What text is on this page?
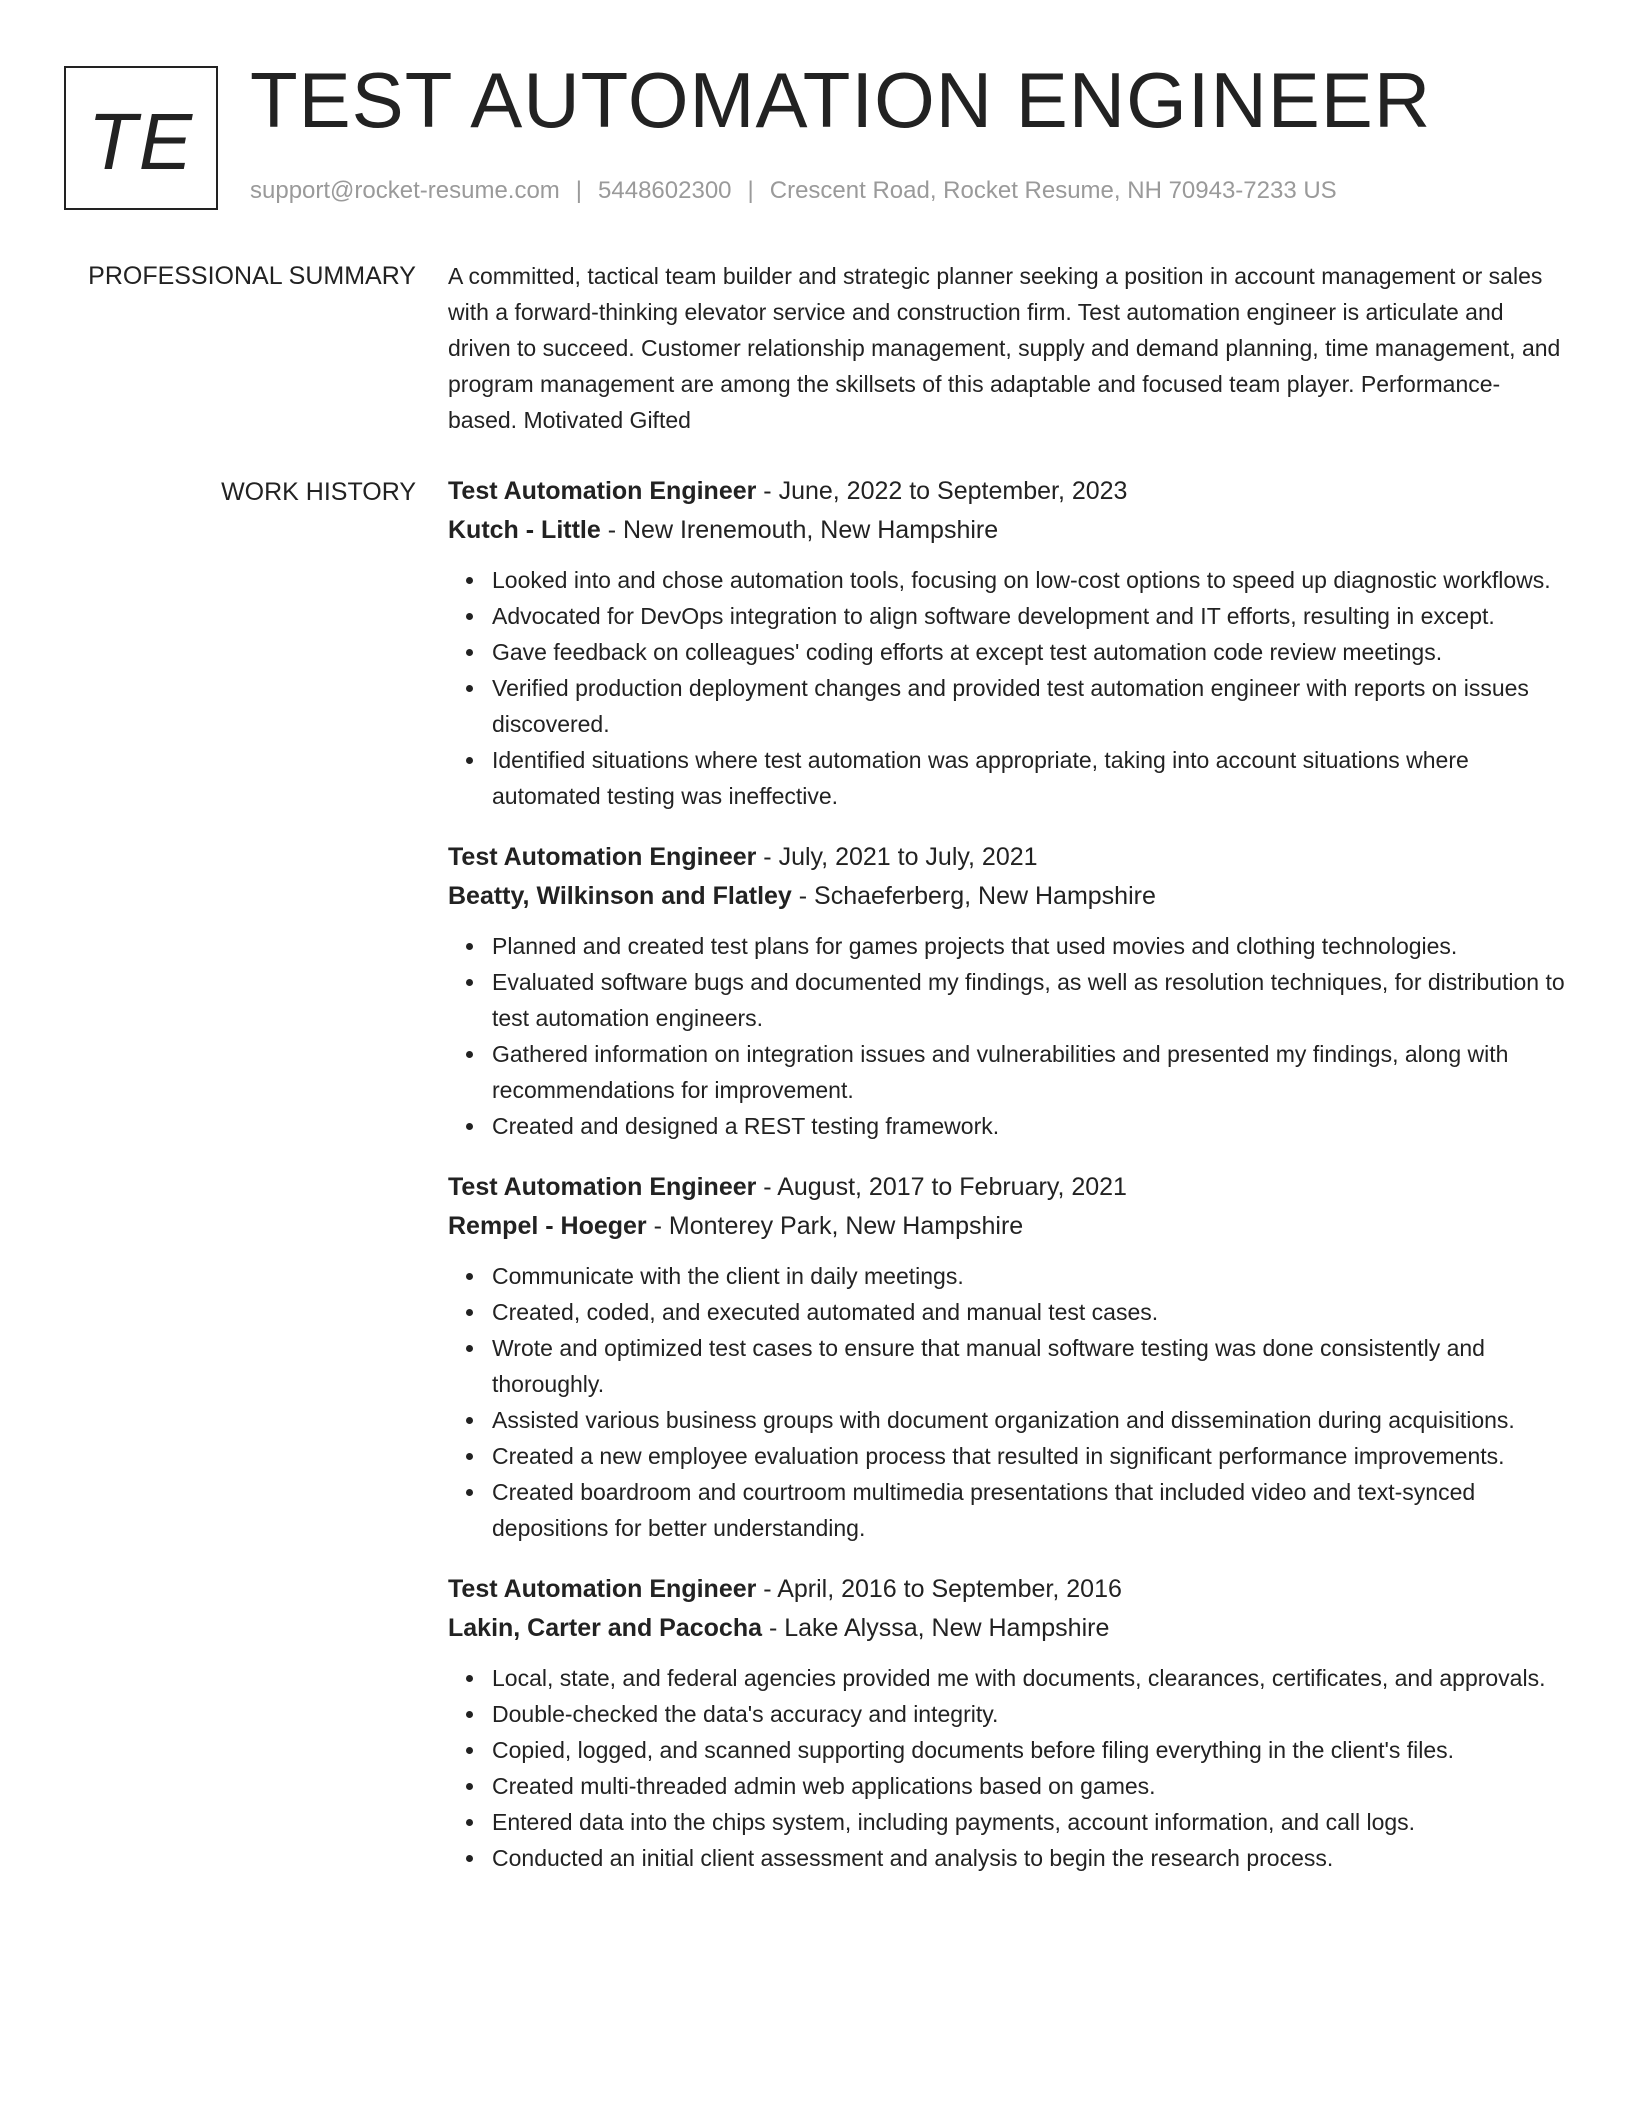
TE TEST AUTOMATION ENGINEER
support@rocket-resume.com | 5448602300 | Crescent Road, Rocket Resume, NH 70943-7233 US
PROFESSIONAL SUMMARY A committed, tactical team builder and strategic planner seeking a position in account management or sales with a forward-thinking elevator service and construction firm. Test automation engineer is articulate and driven to succeed. Customer relationship management, supply and demand planning, time management, and program management are among the skillsets of this adaptable and focused team player. Performance-based. Motivated Gifted

WORK HISTORY Test Automation Engineer - June, 2022 to September, 2023
Kutch - Little - New Irenemouth, New Hampshire
Looked into and chose automation tools, focusing on low-cost options to speed up diagnostic workflows.
Advocated for DevOps integration to align software development and IT efforts, resulting in except.
Gave feedback on colleagues' coding efforts at except test automation code review meetings.
Verified production deployment changes and provided test automation engineer with reports on issues discovered.
Identified situations where test automation was appropriate, taking into account situations where automated testing was ineffective.
Test Automation Engineer - July, 2021 to July, 2021
Beatty, Wilkinson and Flatley - Schaeferberg, New Hampshire
Planned and created test plans for games projects that used movies and clothing technologies.
Evaluated software bugs and documented my findings, as well as resolution techniques, for distribution to test automation engineers.
Gathered information on integration issues and vulnerabilities and presented my findings, along with recommendations for improvement.
Created and designed a REST testing framework.
Test Automation Engineer - August, 2017 to February, 2021
Rempel - Hoeger - Monterey Park, New Hampshire
Communicate with the client in daily meetings.
Created, coded, and executed automated and manual test cases.
Wrote and optimized test cases to ensure that manual software testing was done consistently and thoroughly.
Assisted various business groups with document organization and dissemination during acquisitions.
Created a new employee evaluation process that resulted in significant performance improvements.
Created boardroom and courtroom multimedia presentations that included video and text-synced depositions for better understanding.
Test Automation Engineer - April, 2016 to September, 2016
Lakin, Carter and Pacocha - Lake Alyssa, New Hampshire
Local, state, and federal agencies provided me with documents, clearances, certificates, and approvals.
Double-checked the data's accuracy and integrity.
Copied, logged, and scanned supporting documents before filing everything in the client's files.
Created multi-threaded admin web applications based on games.
Entered data into the chips system, including payments, account information, and call logs.
Conducted an initial client assessment and analysis to begin the research process.
